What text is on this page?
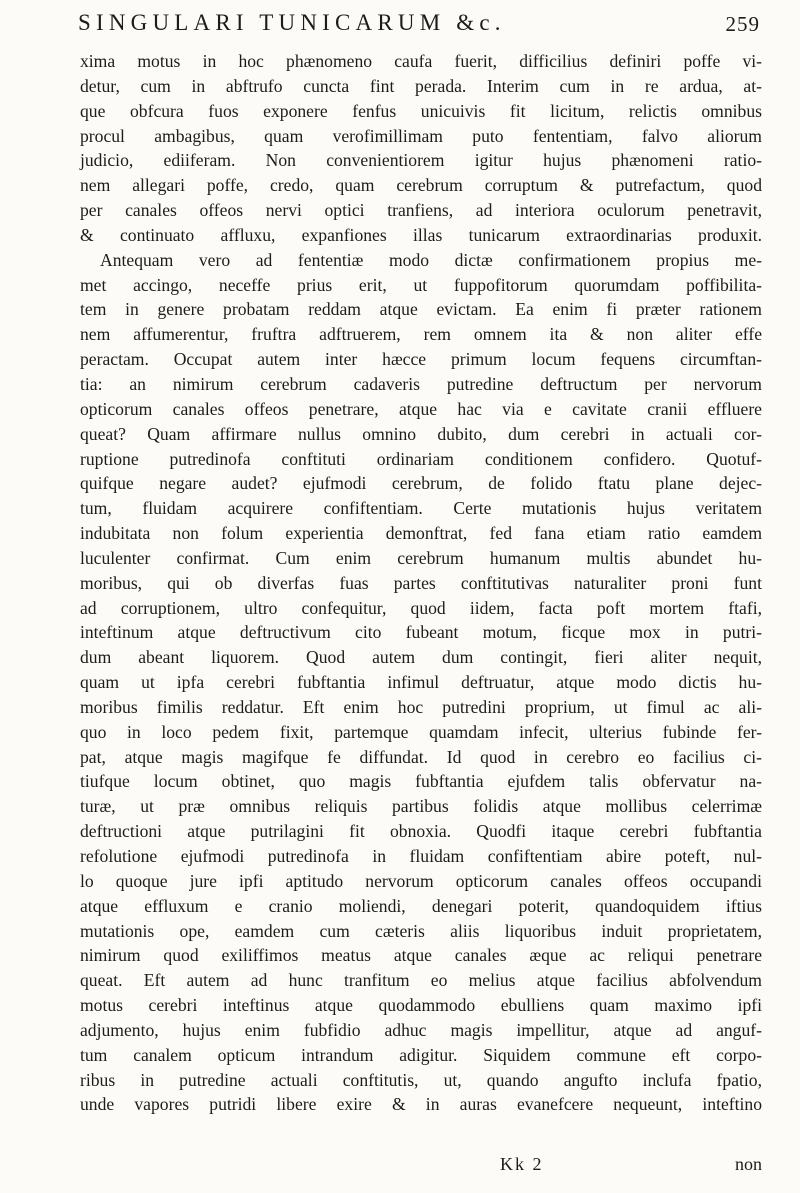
SINGULARI TUNICARUM &c.	259
xima motus in hoc phænomeno caufa fuerit, difficilius definiri poffe vi-
detur, cum in abftrufo cuncta fint perada. Interim cum in re ardua, at-
que obfcura fuos exponere fenfus unicuivis fit licitum, relictis omnibus
procul ambagibus, quam verofimillimam puto fententiam, falvo aliorum
judicio, ediiferam. Non convenientiorem igitur hujus phænomeni ratio-
nem allegari poffe, credo, quam cerebrum corruptum & putrefactum, quod
per canales offeos nervi optici tranfiens, ad interiora oculorum penetravit,
& continuato affluxu, expanfiones illas tunicarum extraordinarias produxit.
Antequam vero ad fententiæ modo dictæ confirmationem propius me-
met accingo, neceffe prius erit, ut fuppofitorum quorumdam poffibilita-
tem in genere probatam reddam atque evictam. Ea enim fi præter rationem
nem affumerentur, fruftra adftruerem, rem omnem ita & non aliter effe
peractam. Occupat autem inter hæcce primum locum fequens circumftan-
tia: an nimirum cerebrum cadaveris putredine deftructum per nervorum
opticorum canales offeos penetrare, atque hac via e cavitate cranii effluere
queat? Quam affirmare nullus omnino dubito, dum cerebri in actuali cor-
ruptione putredinofa conftituti ordinariam conditionem confidero. Quotuf-
quifque negare audet? ejufmodi cerebrum, de folido ftatu plane dejec-
tum, fluidam acquirere confiftentiam. Certe mutationis hujus veritatem
indubitata non folum experientia demonftrat, fed fana etiam ratio eamdem
luculenter confirmat. Cum enim cerebrum humanum multis abundet hu-
moribus, qui ob diverfas fuas partes conftitutivas naturaliter proni funt
ad corruptionem, ultro confequitur, quod iidem, facta poft mortem ftafi,
inteftinum atque deftructivum cito fubeant motum, ficque mox in putri-
dum abeant liquorem. Quod autem dum contingit, fieri aliter nequit,
quam ut ipfa cerebri fubftantia infimul deftruatur, atque modo dictis hu-
moribus fimilis reddatur. Eft enim hoc putredini proprium, ut fimul ac ali-
quo in loco pedem fixit, partemque quamdam infecit, ulterius fubinde fer-
pat, atque magis magifque fe diffundat. Id quod in cerebro eo facilius ci-
tiufque locum obtinet, quo magis fubftantia ejufdem talis obfervatur na-
turæ, ut præ omnibus reliquis partibus folidis atque mollibus celerrimæ
deftructioni atque putrilagini fit obnoxia. Quodfi itaque cerebri fubftantia
refolutione ejufmodi putredinofa in fluidam confiftentiam abire poteft, nul-
lo quoque jure ipfi aptitudo nervorum opticorum canales offeos occupandi
atque effluxum e cranio moliendi, denegari poterit, quandoquidem iftius
mutationis ope, eamdem cum cæteris aliis liquoribus induit proprietatem,
nimirum quod exiliffimos meatus atque canales æque ac reliqui penetrare
queat. Eft autem ad hunc tranfitum eo melius atque facilius abfolvendum
motus cerebri inteftinus atque quodammodo ebulliens quam maximo ipfi
adjumento, hujus enim fubfidio adhuc magis impellitur, atque ad anguf-
tum canalem opticum intrandum adigitur. Siquidem commune eft corpo-
ribus in putredine actuali conftitutis, ut, quando angufto inclufa fpatio,
unde vapores putridi libere exire & in auras evanefcere nequeunt, inteftino
Kk 2	non
